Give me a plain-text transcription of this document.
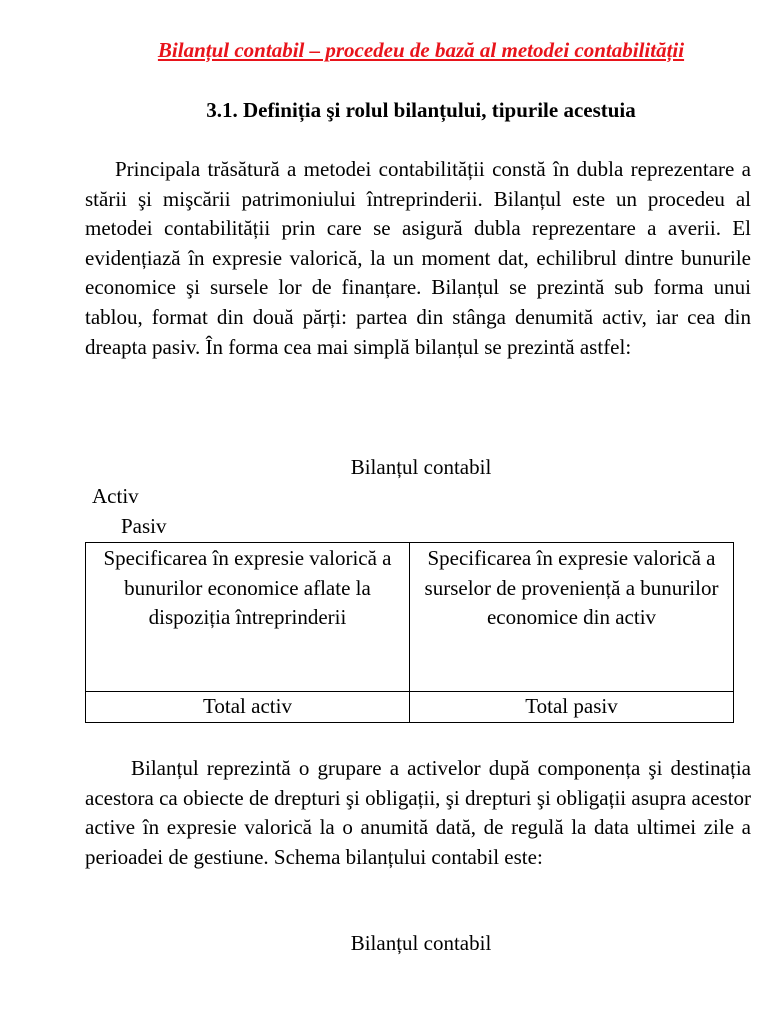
Bilanțul contabil – procedeu de bază al metodei contabilității
3.1. Definiția şi rolul bilanțului, tipurile acestuia

Principala trăsătură a metodei contabilității constă în dubla reprezentare a stării şi mişcării patrimoniului întreprinderii. Bilanțul este un procedeu al metodei contabilității prin care se asigură dubla reprezentare a averii. El evidențiază în expresie valorică, la un moment dat, echilibrul dintre bunurile economice şi sursele lor de finanțare. Bilanțul se prezintă sub forma unui tablou, format din două părți: partea din stânga denumită activ, iar cea din dreapta pasiv. În forma cea mai simplă bilanțul se prezintă astfel:

Bilanțul contabil
Activ
Pasiv
Specificarea în expresie valorică a bunurilor economice aflate la dispoziția întreprinderii	Specificarea în expresie valorică a surselor de proveniență a bunurilor economice din activ
Total activ	Total pasiv

Bilanțul reprezintă o grupare a activelor după componența şi destinația acestora ca obiecte de drepturi şi obligații, şi drepturi şi obligații asupra acestor active în expresie valorică la o anumită dată, de regulă la data ultimei zile a perioadei de gestiune. Schema bilanțului contabil este:

Bilanțul contabil
